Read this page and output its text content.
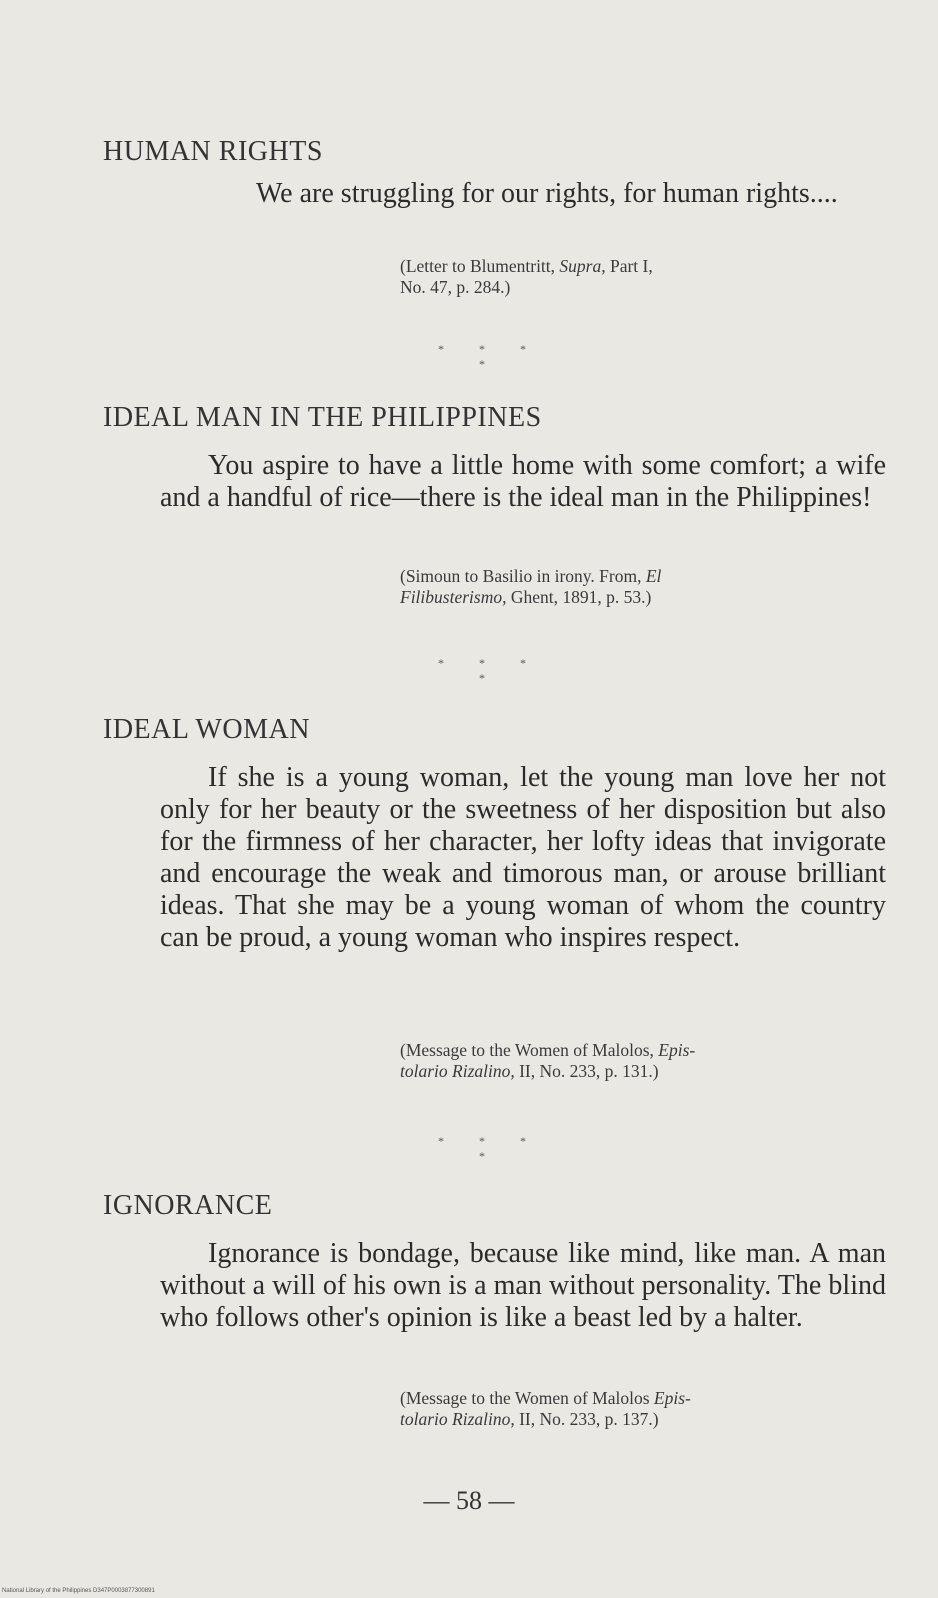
HUMAN RIGHTS

We are struggling for our rights, for human rights....

(Letter to Blumentritt, Supra, Part I,
No. 47, p. 284.)
* * * *
IDEAL MAN IN THE PHILIPPINES

You aspire to have a little home with some comfort; a wife and a handful of rice—there is the ideal man in the Philippines!

(Simoun to Basilio in irony. From, El
Filibusterismo, Ghent, 1891, p. 53.)
* * * *
IDEAL WOMAN

If she is a young woman, let the young man love her not only for her beauty or the sweetness of her disposition but also for the firmness of her character, her lofty ideas that invigorate and encourage the weak and timorous man, or arouse brilliant ideas. That she may be a young woman of whom the country can be proud, a young woman who inspires respect.

(Message to the Women of Malolos, Epis-
tolario Rizalino, II, No. 233, p. 131.)
* * * *
IGNORANCE

Ignorance is bondage, because like mind, like man. A man without a will of his own is a man without personality. The blind who follows other's opinion is like a beast led by a halter.

(Message to the Women of Malolos Epis-
tolario Rizalino, II, No. 233, p. 137.)
— 58 —
National Library of the Philippines D347P0003877300891
